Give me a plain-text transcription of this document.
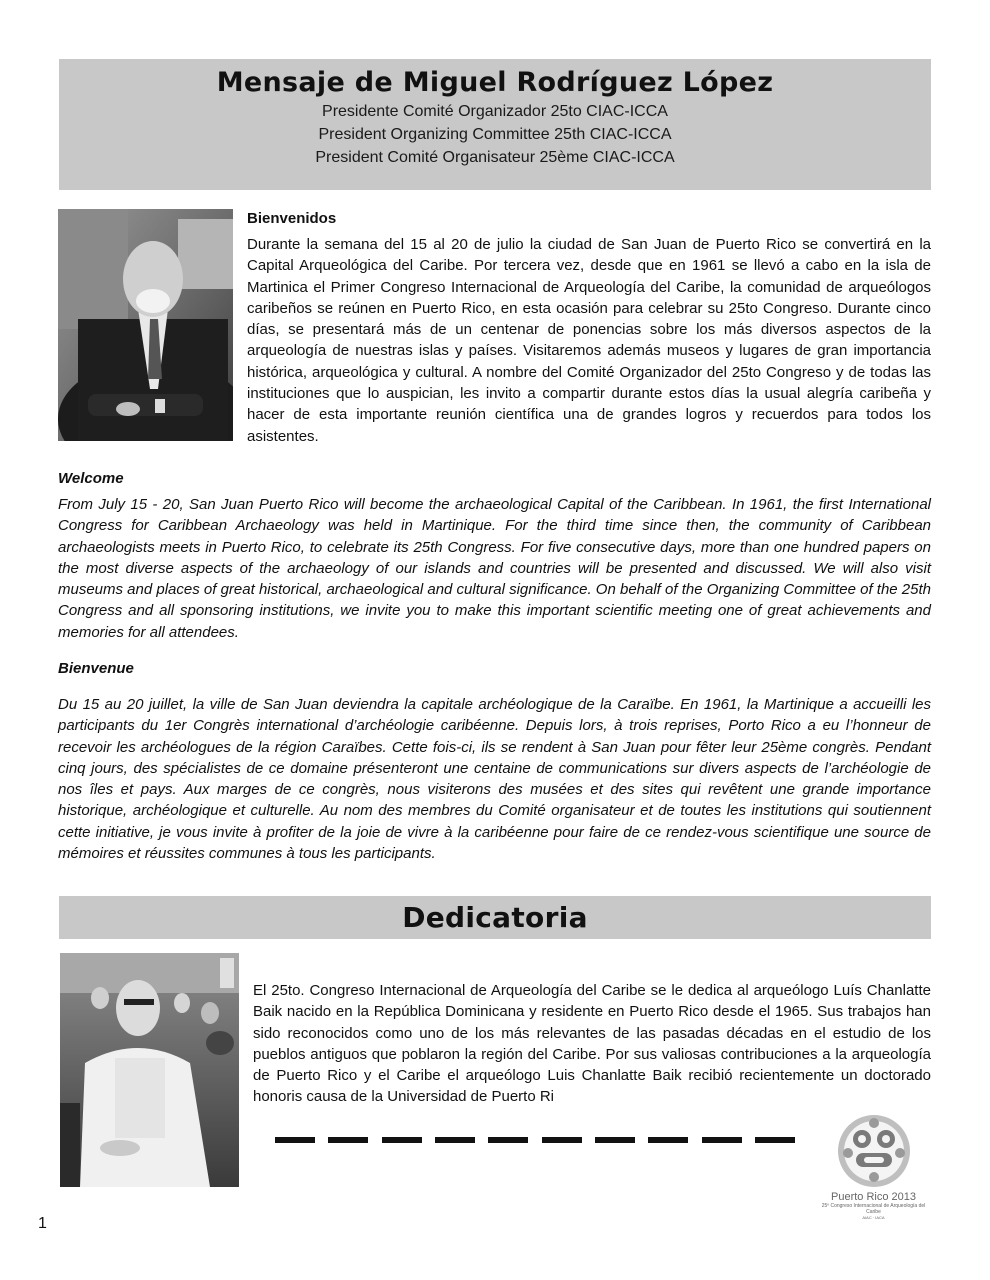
Mensaje de Miguel Rodríguez López
Presidente Comité Organizador 25to CIAC-ICCA
President Organizing Committee 25th CIAC-ICCA
President Comité Organisateur 25ème CIAC-ICCA
Bienvenidos

Durante la semana del 15 al 20 de julio la ciudad de San Juan de Puerto Rico se convertirá en la Capital Arqueológica del Caribe. Por tercera vez, desde que en 1961 se llevó a cabo en la isla de Martinica el Primer Congreso Internacional de Arqueología del Caribe, la comunidad de arqueólogos caribeños se reúnen en Puerto Rico, en esta ocasión para celebrar su 25to Congreso. Durante cinco días, se presentará más de un centenar de ponencias sobre los más diversos aspectos de la arqueología de nuestras islas y países. Visitaremos además museos y lugares de gran importancia histórica, arqueológica y cultural. A nombre del Comité Organizador del 25to Congreso y de todas las instituciones que lo auspician, les invito a compartir durante estos días la usual alegría caribeña y hacer de esta importante reunión científica una de grandes logros y recuerdos para todos los asistentes.

Welcome

From July 15 - 20, San Juan Puerto Rico will become the archaeological Capital of the Caribbean. In 1961, the first International Congress for Caribbean Archaeology was held in Martinique. For the third time since then, the community of Caribbean archaeologists meets in Puerto Rico, to celebrate its 25th Congress. For five consecutive days, more than one hundred papers on the most diverse aspects of the archaeology of our islands and countries will be presented and discussed. We will also visit museums and places of great historical, archaeological and cultural significance. On behalf of the Organizing Committee of the 25th Congress and all sponsoring institutions, we invite you to make this important scientific meeting one of great achievements and memories for all attendees.

Bienvenue

Du 15 au 20 juillet, la ville de San Juan deviendra la capitale archéologique de la Caraïbe. En 1961, la Martinique a accueilli les participants du 1er Congrès international d’archéologie caribéenne. Depuis lors, à trois reprises, Porto Rico a eu l’honneur de recevoir les archéologues de la région Caraïbes. Cette fois-ci, ils se rendent à San Juan pour fêter leur 25ème congrès. Pendant cinq jours, des spécialistes de ce domaine présenteront une centaine de communications sur divers aspects de l’archéologie de nos îles et pays. Aux marges de ce congrès, nous visiterons des musées et des sites qui revêtent une grande importance historique, archéologique et culturelle. Au nom des membres du Comité organisateur et de toutes les institutions qui soutiennent cette initiative, je vous invite à profiter de la joie de vivre à la caribéenne pour faire de ce rendez-vous scientifique une source de mémoires et réussites communes à tous les participants.

Dedicatoria

El 25to. Congreso Internacional de Arqueología del Caribe se le dedica al arqueólogo Luís Chanlatte Baik nacido en la República Dominicana y residente en Puerto Rico desde el 1965. Sus trabajos han sido reconocidos como uno de los más relevantes de las pasadas décadas en el estudio de los pueblos antiguos que poblaron la región del Caribe. Por sus valiosas contribuciones a la arqueología de Puerto Rico y el Caribe el arqueólogo Luis Chanlatte Baik recibió recientemente un doctorado honoris causa de la Universidad de Puerto Ri

Puerto Rico 2013
25º Congreso Internacional de Arqueología del Caribe
AIAC · IACA
1
